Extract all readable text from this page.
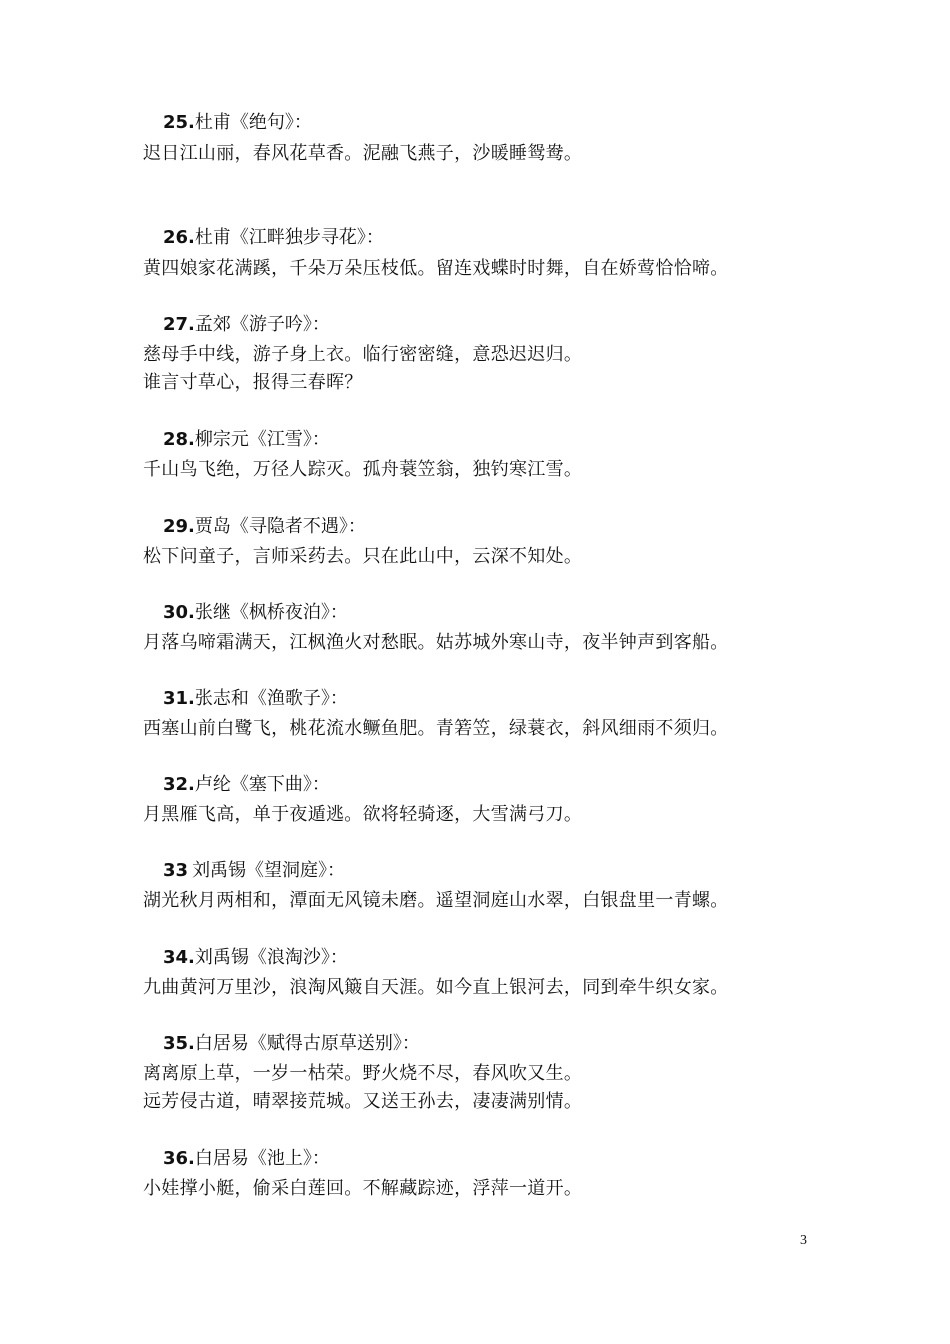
25.杜甫《绝句》：
迟日江山丽，春风花草香。泥融飞燕子，沙暖睡鸳鸯。
26.杜甫《江畔独步寻花》：
黄四娘家花满蹊，千朵万朵压枝低。留连戏蝶时时舞，自在娇莺恰恰啼。
27.孟郊《游子吟》：
慈母手中线，游子身上衣。临行密密缝，意恐迟迟归。
谁言寸草心，报得三春晖？
28.柳宗元《江雪》：
千山鸟飞绝，万径人踪灭。孤舟蓑笠翁，独钓寒江雪。
29.贾岛《寻隐者不遇》：
松下问童子，言师采药去。只在此山中，云深不知处。
30.张继《枫桥夜泊》：
月落乌啼霜满天，江枫渔火对愁眠。姑苏城外寒山寺，夜半钟声到客船。
31.张志和《渔歌子》：
西塞山前白鹭飞，桃花流水鳜鱼肥。青箬笠，绿蓑衣，斜风细雨不须归。
32.卢纶《塞下曲》：
月黑雁飞高，单于夜遁逃。欲将轻骑逐，大雪满弓刀。
33 刘禹锡《望洞庭》：
湖光秋月两相和，潭面无风镜未磨。遥望洞庭山水翠，白银盘里一青螺。
34.刘禹锡《浪淘沙》：
九曲黄河万里沙，浪淘风簸自天涯。如今直上银河去，同到牵牛织女家。
35.白居易《赋得古原草送别》：
离离原上草，一岁一枯荣。野火烧不尽，春风吹又生。
远芳侵古道，晴翠接荒城。又送王孙去，凄凄满别情。
36.白居易《池上》：
小娃撑小艇，偷采白莲回。不解藏踪迹，浮萍一道开。
3
